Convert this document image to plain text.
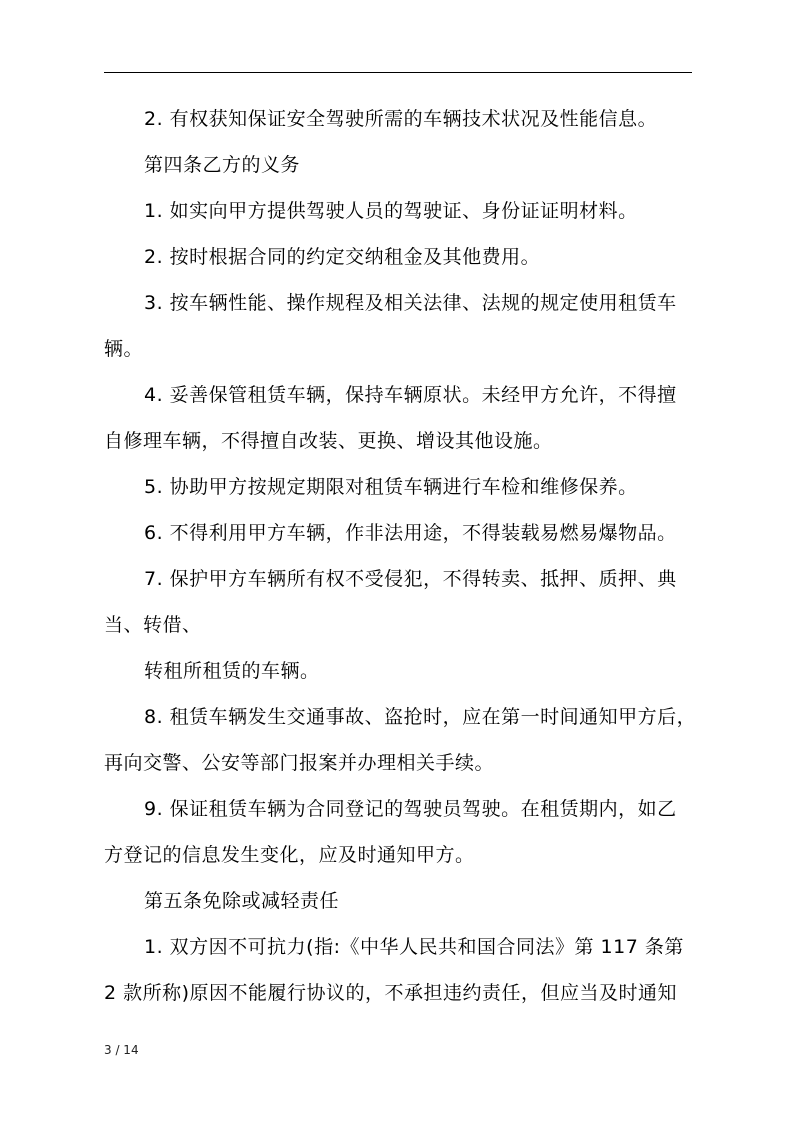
2. 有权获知保证安全驾驶所需的车辆技术状况及性能信息。
第四条乙方的义务
1. 如实向甲方提供驾驶人员的驾驶证、身份证证明材料。
2. 按时根据合同的约定交纳租金及其他费用。
3. 按车辆性能、操作规程及相关法律、法规的规定使用租赁车
辆。
4. 妥善保管租赁车辆，保持车辆原状。未经甲方允许，不得擅
自修理车辆，不得擅自改装、更换、增设其他设施。
5. 协助甲方按规定期限对租赁车辆进行车检和维修保养。
6. 不得利用甲方车辆，作非法用途，不得装载易燃易爆物品。
7. 保护甲方车辆所有权不受侵犯，不得转卖、抵押、质押、典
当、转借、
转租所租赁的车辆。
8. 租赁车辆发生交通事故、盗抢时，应在第一时间通知甲方后，
再向交警、公安等部门报案并办理相关手续。
9. 保证租赁车辆为合同登记的驾驶员驾驶。在租赁期内，如乙
方登记的信息发生变化，应及时通知甲方。
第五条免除或减轻责任
1. 双方因不可抗力(指:《中华人民共和国合同法》第 117 条第
2 款所称)原因不能履行协议的，不承担违约责任，但应当及时通知
3 / 14
